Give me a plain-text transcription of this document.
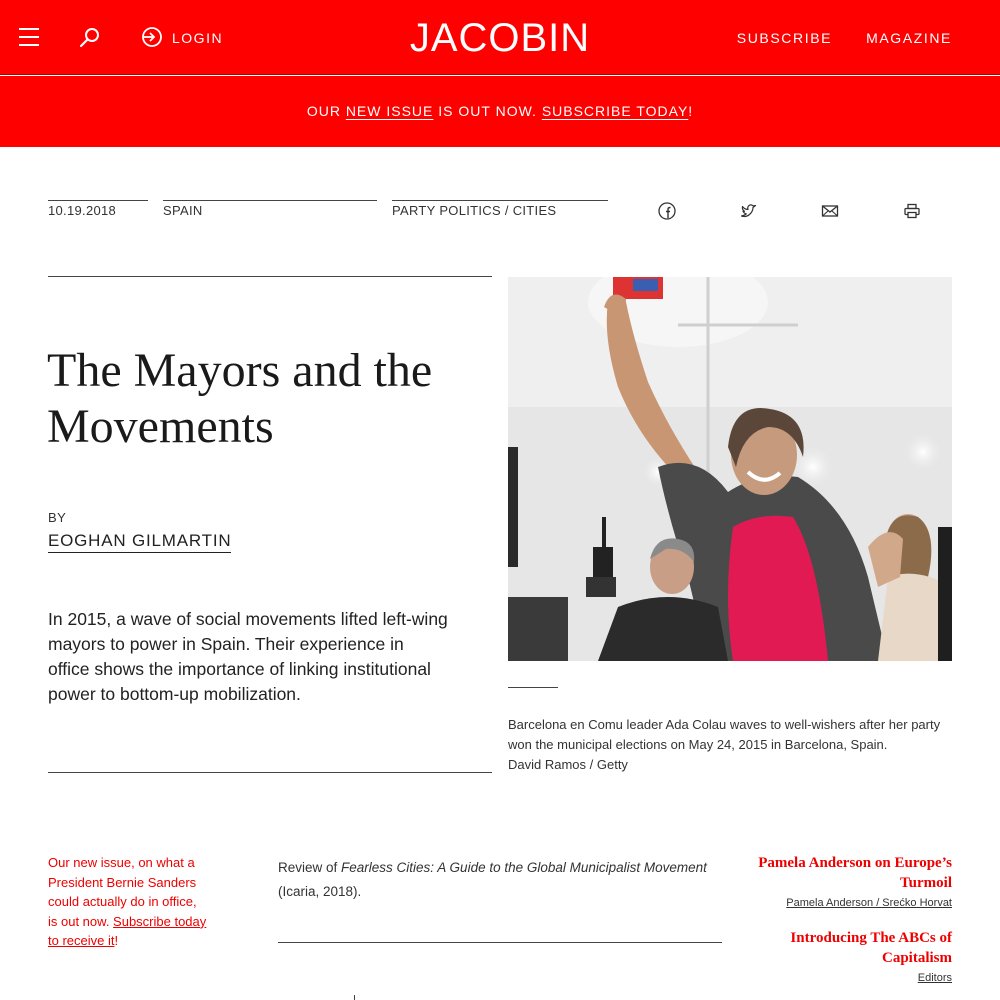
LOGIN	JACOBIN	SUBSCRIBE MAGAZINE
OUR NEW ISSUE IS OUT NOW. SUBSCRIBE TODAY!
10.19.2018	SPAIN	PARTY POLITICS / CITIES
The Mayors and the Movements
BY
EOGHAN GILMARTIN

In 2015, a wave of social movements lifted left-wing mayors to power in Spain. Their experience in office shows the importance of linking institutional power to bottom-up mobilization.

Barcelona en Comu leader Ada Colau waves to well-wishers after her party won the municipal elections on May 24, 2015 in Barcelona, Spain.
David Ramos / Getty
Our new issue, on what a President Bernie Sanders could actually do in office, is out now. Subscribe today to receive it!
Review of Fearless Cities: A Guide to the Global Municipalist Movement (Icaria, 2018).
Pamela Anderson on Europe’s Turmoil
Pamela Anderson / Srećko Horvat
Introducing The ABCs of Capitalism
Editors
